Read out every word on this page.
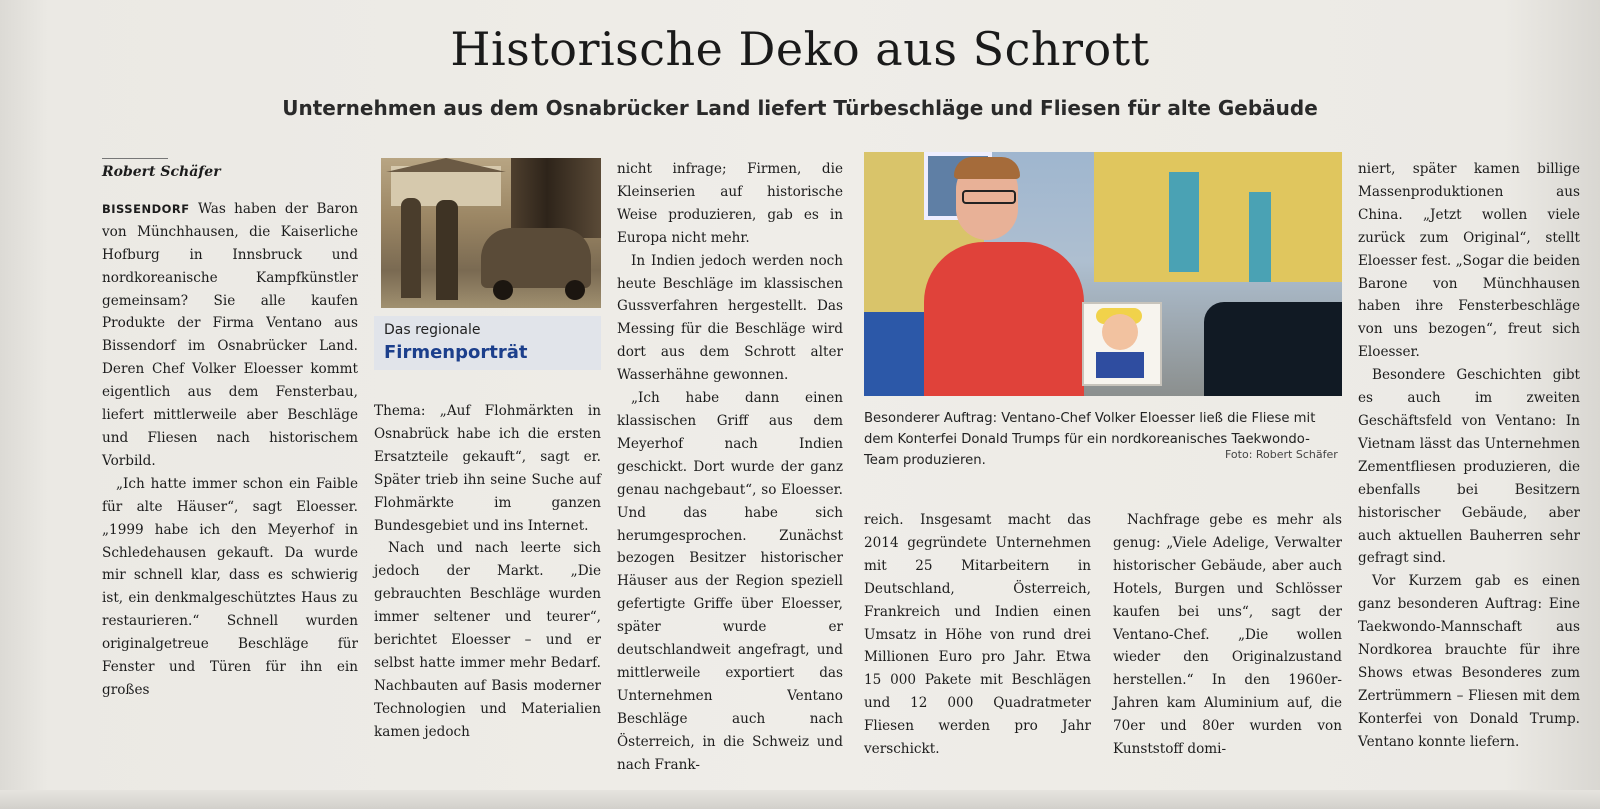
Historische Deko aus Schrott
Unternehmen aus dem Osnabrücker Land liefert Türbeschläge und Fliesen für alte Gebäude
Robert Schäfer

BISSENDORF Was haben der Baron von Münchhausen, die Kaiserliche Hofburg in Innsbruck und nordkoreanische Kampfkünstler gemeinsam? Sie alle kaufen Produkte der Firma Ventano aus Bissendorf im Osnabrücker Land. Deren Chef Volker Eloesser kommt eigentlich aus dem Fensterbau, liefert mittlerweile aber Beschläge und Fliesen nach historischem Vorbild.

„Ich hatte immer schon ein Faible für alte Häuser“, sagt Eloesser. „1999 habe ich den Meyerhof in Schledehausen gekauft. Da wurde mir schnell klar, dass es schwierig ist, ein denkmalgeschütztes Haus zu restaurieren.“ Schnell wurden originalgetreue Beschläge für Fenster und Türen für ihn ein großes

Das regionale
Firmenporträt

Thema: „Auf Flohmärkten in Osnabrück habe ich die ersten Ersatzteile gekauft“, sagt er. Später trieb ihn seine Suche auf Flohmärkte im ganzen Bundesgebiet und ins Internet.

Nach und nach leerte sich jedoch der Markt. „Die gebrauchten Beschläge wurden immer seltener und teurer“, berichtet Eloesser – und er selbst hatte immer mehr Bedarf. Nachbauten auf Basis moderner Technologien und Materialien kamen jedoch

nicht infrage; Firmen, die Kleinserien auf historische Weise produzieren, gab es in Europa nicht mehr.

In Indien jedoch werden noch heute Beschläge im klassischen Gussverfahren hergestellt. Das Messing für die Beschläge wird dort aus dem Schrott alter Wasserhähne gewonnen.

„Ich habe dann einen klassischen Griff aus dem Meyerhof nach Indien geschickt. Dort wurde der ganz genau nachgebaut“, so Eloesser. Und das habe sich herumgesprochen. Zunächst bezogen Besitzer historischer Häuser aus der Region speziell gefertigte Griffe über Eloesser, später wurde er deutschlandweit angefragt, und mittlerweile exportiert das Unternehmen Ventano Beschläge auch nach Österreich, in die Schweiz und nach Frank-

Besonderer Auftrag: Ventano-Chef Volker Eloesser ließ die Fliese mit dem Konterfei Donald Trumps für ein nordkoreanisches Taekwondo-Team produzieren.	Foto: Robert Schäfer

reich. Insgesamt macht das 2014 gegründete Unternehmen mit 25 Mitarbeitern in Deutschland, Österreich, Frankreich und Indien einen Umsatz in Höhe von rund drei Millionen Euro pro Jahr. Etwa 15 000 Pakete mit Beschlägen und 12 000 Quadratmeter Fliesen werden pro Jahr verschickt.

Nachfrage gebe es mehr als genug: „Viele Adelige, Verwalter historischer Gebäude, aber auch Hotels, Burgen und Schlösser kaufen bei uns“, sagt der Ventano-Chef. „Die wollen wieder den Originalzustand herstellen.“ In den 1960er-Jahren kam Aluminium auf, die 70er und 80er wurden von Kunststoff domi-

niert, später kamen billige Massenproduktionen aus China. „Jetzt wollen viele zurück zum Original“, stellt Eloesser fest. „Sogar die beiden Barone von Münchhausen haben ihre Fensterbeschläge von uns bezogen“, freut sich Eloesser.

Besondere Geschichten gibt es auch im zweiten Geschäftsfeld von Ventano: In Vietnam lässt das Unternehmen Zementfliesen produzieren, die ebenfalls bei Besitzern historischer Gebäude, aber auch aktuellen Bauherren sehr gefragt sind.

Vor Kurzem gab es einen ganz besonderen Auftrag: Eine Taekwondo-Mannschaft aus Nordkorea brauchte für ihre Shows etwas Besonderes zum Zertrümmern – Fliesen mit dem Konterfei von Donald Trump. Ventano konnte liefern.
